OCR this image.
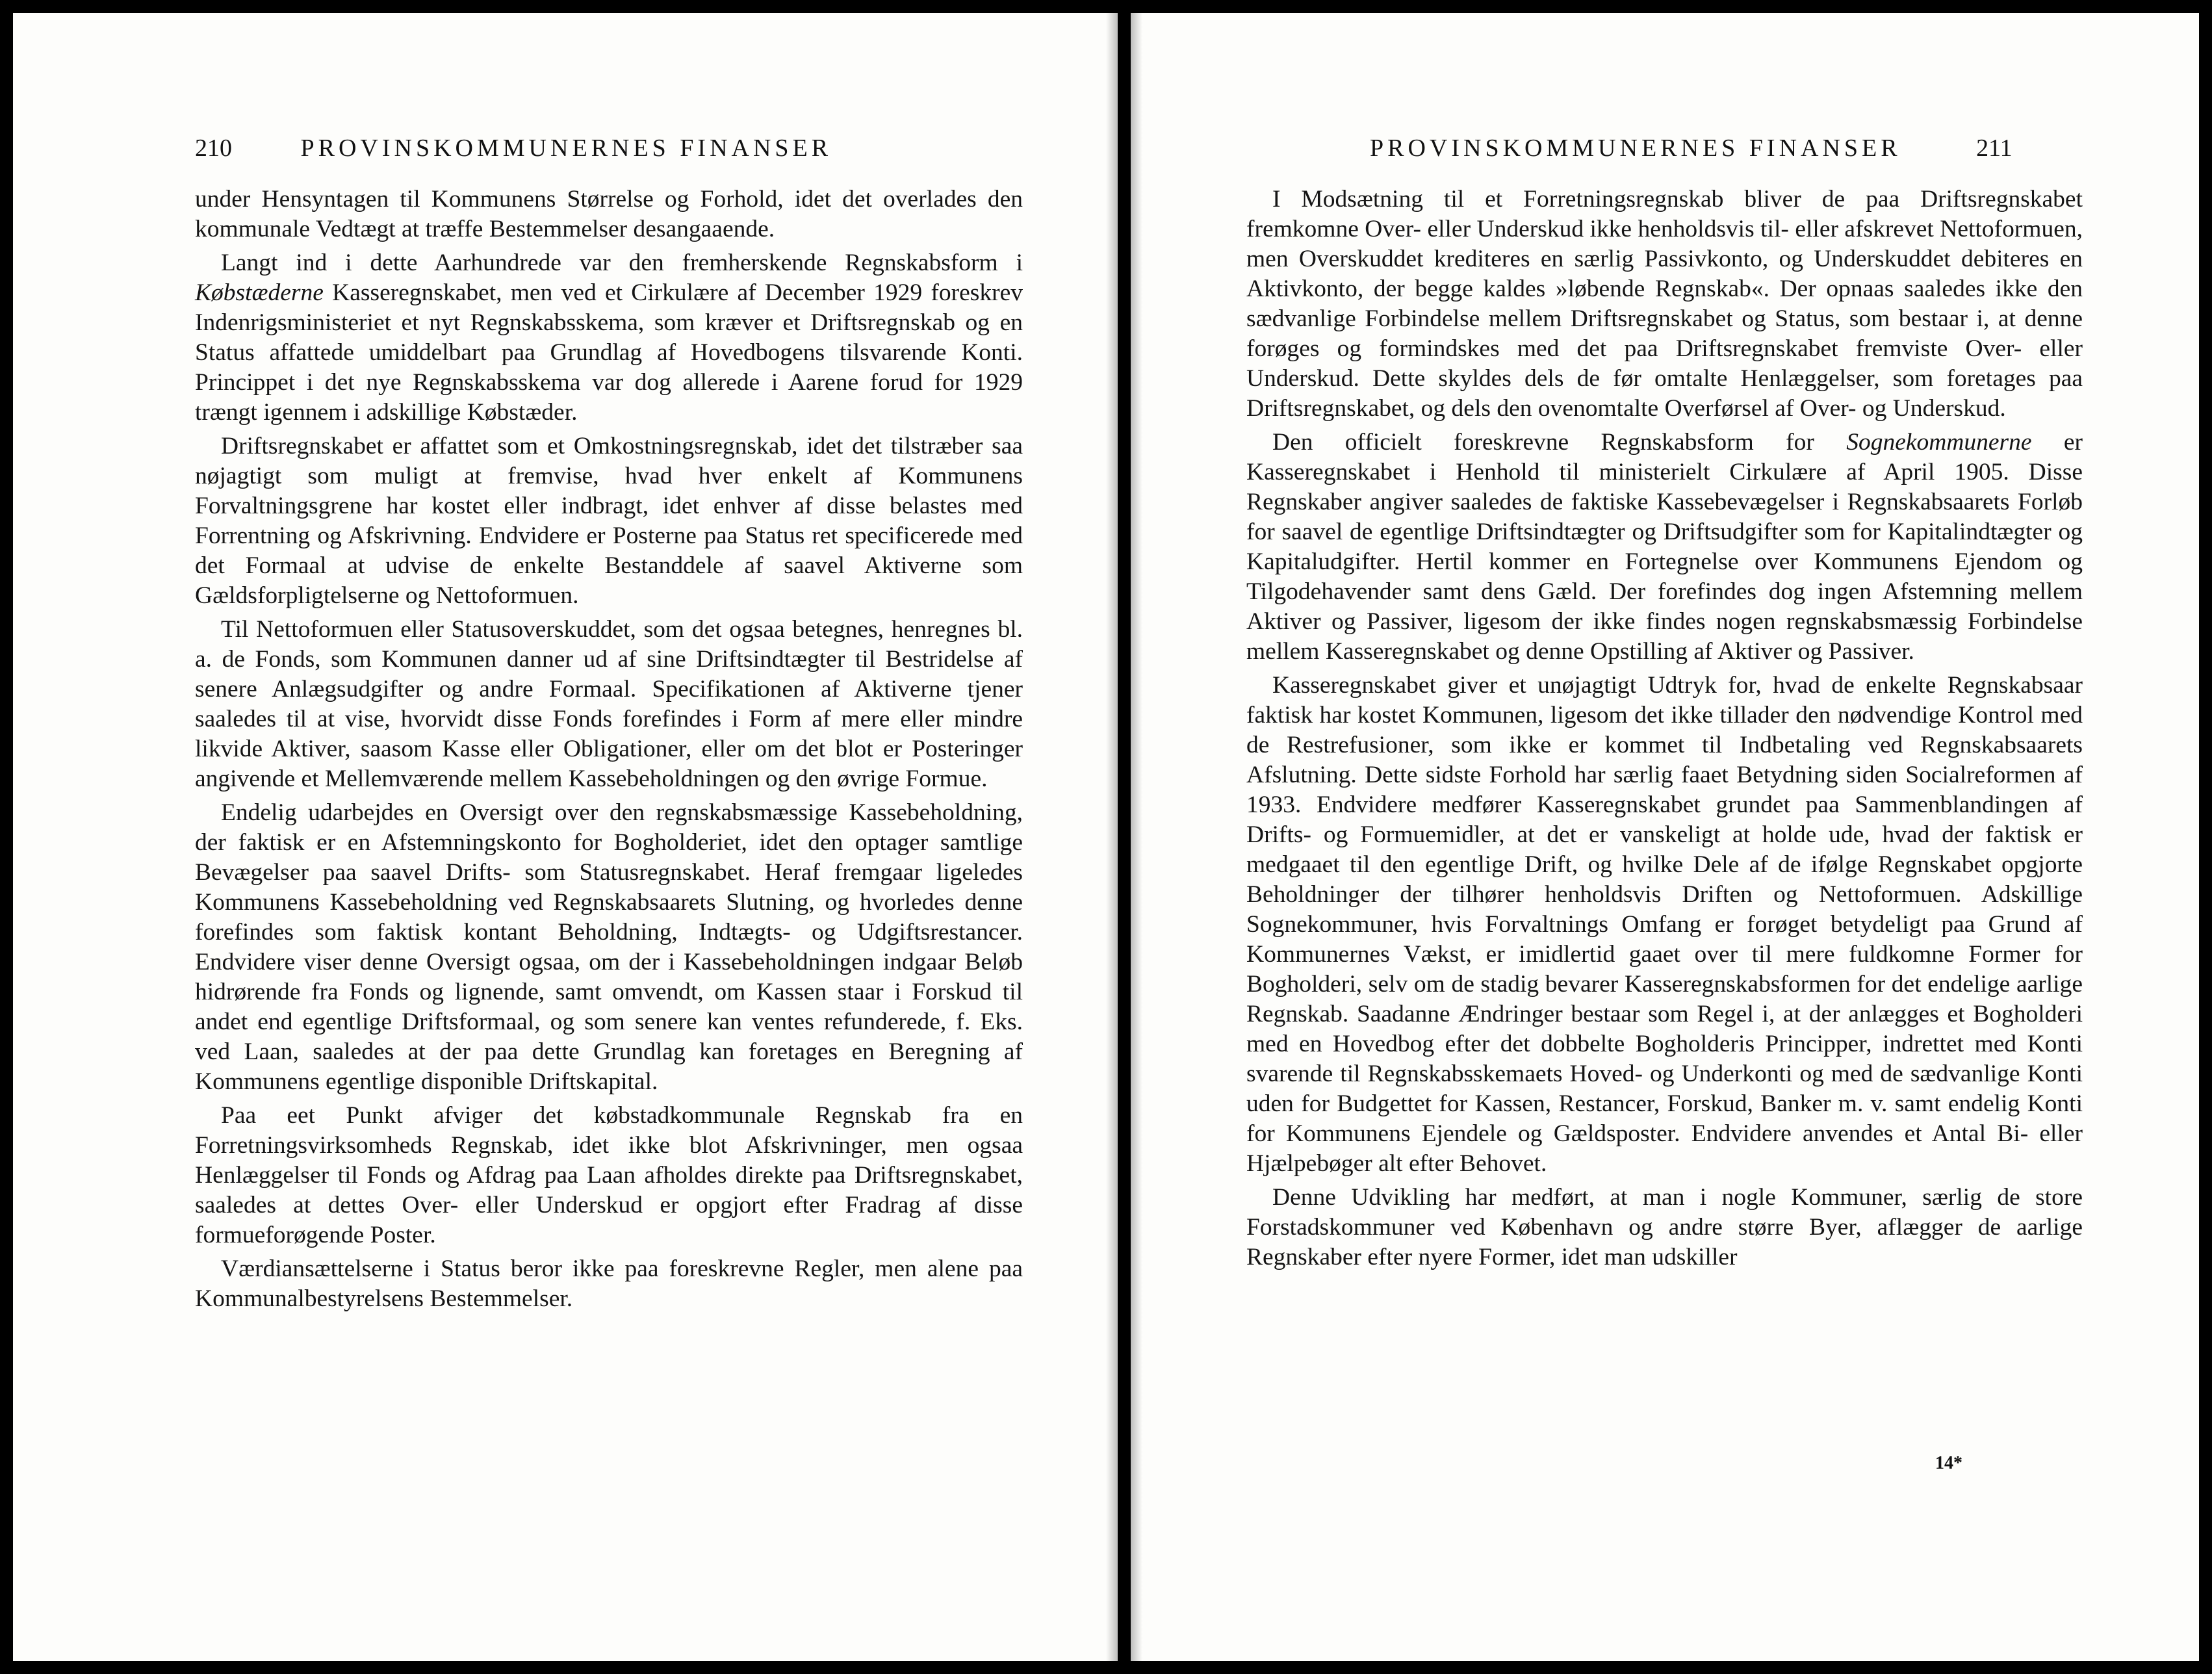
210	PROVINSKOMMUNERNES FINANSER

under Hensyntagen til Kommunens Størrelse og Forhold, idet det overlades den kommunale Vedtægt at træffe Bestemmelser desangaaende.

Langt ind i dette Aarhundrede var den fremherskende Regnskabsform i Købstæderne Kasseregnskabet, men ved et Cirkulære af December 1929 foreskrev Indenrigsministeriet et nyt Regnskabsskema, som kræver et Driftsregnskab og en Status affattede umiddelbart paa Grundlag af Hovedbogens tilsvarende Konti. Princippet i det nye Regnskabsskema var dog allerede i Aarene forud for 1929 trængt igennem i adskillige Købstæder.

Driftsregnskabet er affattet som et Omkostningsregnskab, idet det tilstræber saa nøjagtigt som muligt at fremvise, hvad hver enkelt af Kommunens Forvaltningsgrene har kostet eller indbragt, idet enhver af disse belastes med Forrentning og Afskrivning. Endvidere er Posterne paa Status ret specificerede med det Formaal at udvise de enkelte Bestanddele af saavel Aktiverne som Gældsforpligtelserne og Nettoformuen.

Til Nettoformuen eller Statusoverskuddet, som det ogsaa betegnes, henregnes bl. a. de Fonds, som Kommunen danner ud af sine Driftsindtægter til Bestridelse af senere Anlægsudgifter og andre Formaal. Specifikationen af Aktiverne tjener saaledes til at vise, hvorvidt disse Fonds forefindes i Form af mere eller mindre likvide Aktiver, saasom Kasse eller Obligationer, eller om det blot er Posteringer angivende et Mellemværende mellem Kassebeholdningen og den øvrige Formue.

Endelig udarbejdes en Oversigt over den regnskabsmæssige Kassebeholdning, der faktisk er en Afstemningskonto for Bogholderiet, idet den optager samtlige Bevægelser paa saavel Drifts- som Statusregnskabet. Heraf fremgaar ligeledes Kommunens Kassebeholdning ved Regnskabsaarets Slutning, og hvorledes denne forefindes som faktisk kontant Beholdning, Indtægts- og Udgiftsrestancer. Endvidere viser denne Oversigt ogsaa, om der i Kassebeholdningen indgaar Beløb hidrørende fra Fonds og lignende, samt omvendt, om Kassen staar i Forskud til andet end egentlige Driftsformaal, og som senere kan ventes refunderede, f. Eks. ved Laan, saaledes at der paa dette Grundlag kan foretages en Beregning af Kommunens egentlige disponible Driftskapital.

Paa eet Punkt afviger det købstadkommunale Regnskab fra en Forretningsvirksomheds Regnskab, idet ikke blot Afskrivninger, men ogsaa Henlæggelser til Fonds og Afdrag paa Laan afholdes direkte paa Driftsregnskabet, saaledes at dettes Over- eller Underskud er opgjort efter Fradrag af disse formueforøgende Poster.

Værdiansættelserne i Status beror ikke paa foreskrevne Regler, men alene paa Kommunalbestyrelsens Bestemmelser.

PROVINSKOMMUNERNES FINANSER	211

I Modsætning til et Forretningsregnskab bliver de paa Driftsregnskabet fremkomne Over- eller Underskud ikke henholdsvis til- eller afskrevet Nettoformuen, men Overskuddet krediteres en særlig Passivkonto, og Underskuddet debiteres en Aktivkonto, der begge kaldes »løbende Regnskab«. Der opnaas saaledes ikke den sædvanlige Forbindelse mellem Driftsregnskabet og Status, som bestaar i, at denne forøges og formindskes med det paa Driftsregnskabet fremviste Over- eller Underskud. Dette skyldes dels de før omtalte Henlæggelser, som foretages paa Driftsregnskabet, og dels den ovenomtalte Overførsel af Over- og Underskud.

Den officielt foreskrevne Regnskabsform for Sognekommunerne er Kasseregnskabet i Henhold til ministerielt Cirkulære af April 1905. Disse Regnskaber angiver saaledes de faktiske Kassebevægelser i Regnskabsaarets Forløb for saavel de egentlige Driftsindtægter og Driftsudgifter som for Kapitalindtægter og Kapitaludgifter. Hertil kommer en Fortegnelse over Kommunens Ejendom og Tilgodehavender samt dens Gæld. Der forefindes dog ingen Afstemning mellem Aktiver og Passiver, ligesom der ikke findes nogen regnskabsmæssig Forbindelse mellem Kasseregnskabet og denne Opstilling af Aktiver og Passiver.

Kasseregnskabet giver et unøjagtigt Udtryk for, hvad de enkelte Regnskabsaar faktisk har kostet Kommunen, ligesom det ikke tillader den nødvendige Kontrol med de Restrefusioner, som ikke er kommet til Indbetaling ved Regnskabsaarets Afslutning. Dette sidste Forhold har særlig faaet Betydning siden Socialreformen af 1933. Endvidere medfører Kasseregnskabet grundet paa Sammenblandingen af Drifts- og Formuemidler, at det er vanskeligt at holde ude, hvad der faktisk er medgaaet til den egentlige Drift, og hvilke Dele af de ifølge Regnskabet opgjorte Beholdninger der tilhører henholdsvis Driften og Nettoformuen. Adskillige Sognekommuner, hvis Forvaltnings Omfang er forøget betydeligt paa Grund af Kommunernes Vækst, er imidlertid gaaet over til mere fuldkomne Former for Bogholderi, selv om de stadig bevarer Kasseregnskabsformen for det endelige aarlige Regnskab. Saadanne Ændringer bestaar som Regel i, at der anlægges et Bogholderi med en Hovedbog efter det dobbelte Bogholderis Principper, indrettet med Konti svarende til Regnskabsskemaets Hoved- og Underkonti og med de sædvanlige Konti uden for Budgettet for Kassen, Restancer, Forskud, Banker m. v. samt endelig Konti for Kommunens Ejendele og Gældsposter. Endvidere anvendes et Antal Bi- eller Hjælpebøger alt efter Behovet.

Denne Udvikling har medført, at man i nogle Kommuner, særlig de store Forstadskommuner ved København og andre større Byer, aflægger de aarlige Regnskaber efter nyere Former, idet man udskiller

14*
